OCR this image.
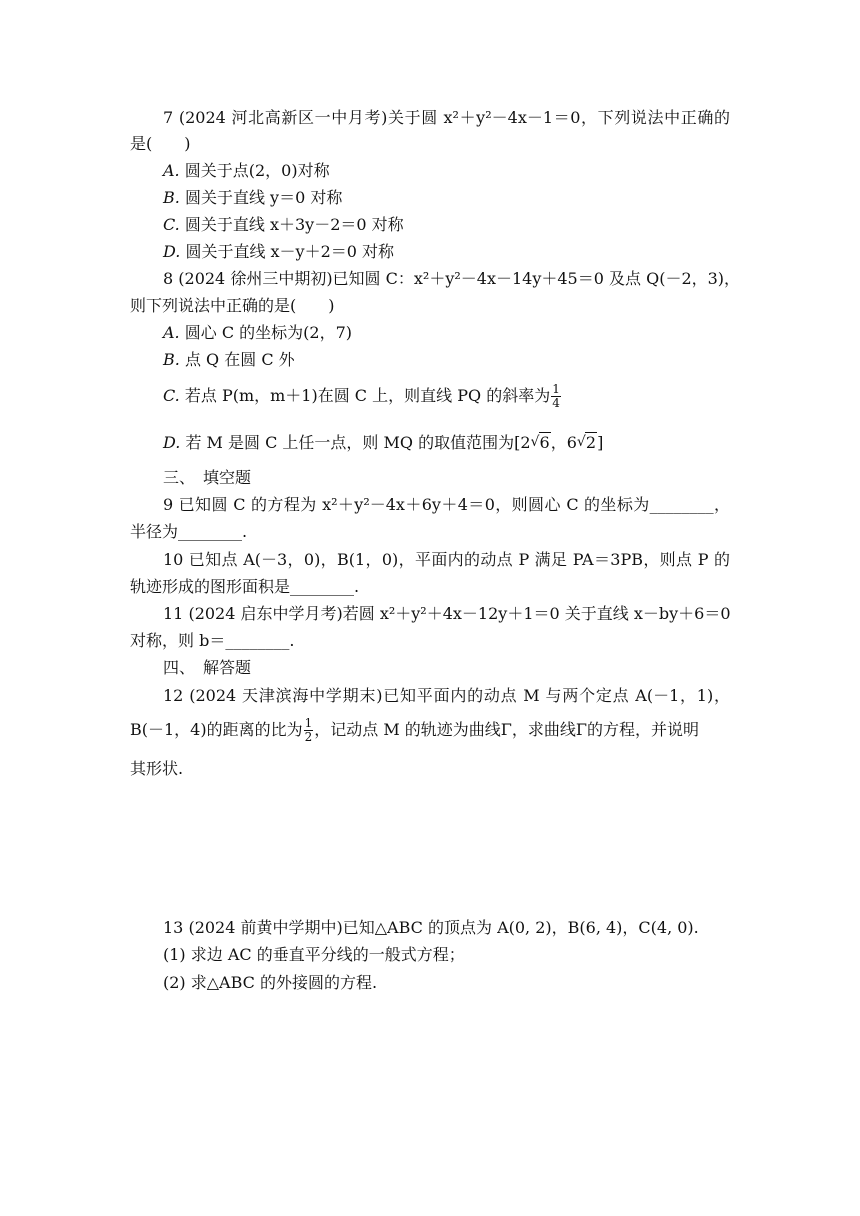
7 (2024 河北高新区一中月考)关于圆 x²＋y²－4x－1＝0，下列说法中正确的
是(　　)
A. 圆关于点(2，0)对称
B. 圆关于直线 y＝0 对称
C. 圆关于直线 x＋3y－2＝0 对称
D. 圆关于直线 x－y＋2＝0 对称
8 (2024 徐州三中期初)已知圆 C：x²＋y²－4x－14y＋45＝0 及点 Q(－2，3)，
则下列说法中正确的是(　　)
A. 圆心 C 的坐标为(2，7)
B. 点 Q 在圆 C 外
C. 若点 P(m，m＋1)在圆 C 上，则直线 PQ 的斜率为 $\frac{1}{4}$
D. 若 M 是圆 C 上任一点，则 MQ 的取值范围为[2 √ 6，6 √ 2]
三、　填空题
9 已知圆 C 的方程为 x²＋y²－4x＋6y＋4＝0，则圆心 C 的坐标为________，
半径为________.
10 已知点 A(－3，0)，B(1，0)，平面内的动点 P 满足 PA＝3PB，则点 P 的
轨迹形成的图形面积是________.
11 (2024 启东中学月考)若圆 x²＋y²＋4x－12y＋1＝0 关于直线 x－by＋6＝0
对称，则 b＝________.
四、　解答题
12 (2024 天津滨海中学期末)已知平面内的动点 M 与两个定点 A(－1，1)，
B(－1，4)的距离的比为 $\frac{1}{2}$ ，记动点 M 的轨迹为曲线Γ，求曲线Γ的方程，并说明
其形状.
13 (2024 前黄中学期中)已知△ABC 的顶点为 A(0, 2)，B(6, 4)，C(4, 0).
(1) 求边 AC 的垂直平分线的一般式方程；
(2) 求△ABC 的外接圆的方程.
